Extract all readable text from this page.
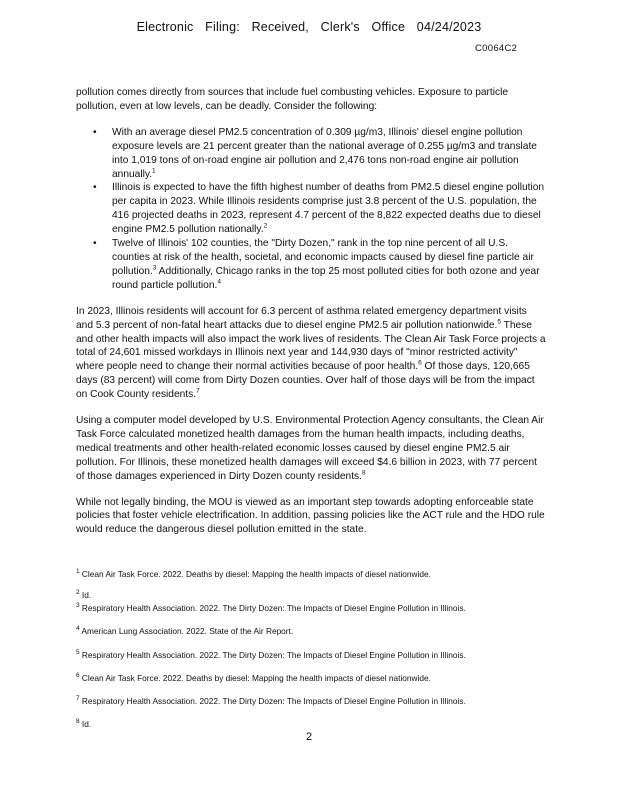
Electronic Filing: Received, Clerk's Office 04/24/2023
C0064C2

pollution comes directly from sources that include fuel combusting vehicles. Exposure to particle pollution, even at low levels, can be deadly. Consider the following:

• With an average diesel PM2.5 concentration of 0.309 µg/m3, Illinois' diesel engine pollution exposure levels are 21 percent greater than the national average of 0.255 µg/m3 and translate into 1,019 tons of on-road engine air pollution and 2,476 tons non-road engine air pollution annually.$^1$
• Illinois is expected to have the fifth highest number of deaths from PM2.5 diesel engine pollution per capita in 2023. While Illinois residents comprise just 3.8 percent of the U.S. population, the 416 projected deaths in 2023, represent 4.7 percent of the 8,822 expected deaths due to diesel engine PM2.5 pollution nationally.$^2$
• Twelve of Illinois' 102 counties, the "Dirty Dozen," rank in the top nine percent of all U.S. counties at risk of the health, societal, and economic impacts caused by diesel fine particle air pollution.$^3$ Additionally, Chicago ranks in the top 25 most polluted cities for both ozone and year round particle pollution.$^4$

In 2023, Illinois residents will account for 6.3 percent of asthma related emergency department visits and 5.3 percent of non-fatal heart attacks due to diesel engine PM2.5 air pollution nationwide.$^5$ These and other health impacts will also impact the work lives of residents. The Clean Air Task Force projects a total of 24,601 missed workdays in Illinois next year and 144,930 days of "minor restricted activity" where people need to change their normal activities because of poor health.$^6$ Of those days, 120,665 days (83 percent) will come from Dirty Dozen counties. Over half of those days will be from the impact on Cook County residents.$^7$

Using a computer model developed by U.S. Environmental Protection Agency consultants, the Clean Air Task Force calculated monetized health damages from the human health impacts, including deaths, medical treatments and other health-related economic losses caused by diesel engine PM2.5 air pollution. For Illinois, these monetized health damages will exceed $4.6 billion in 2023, with 77 percent of those damages experienced in Dirty Dozen county residents.$^8$

While not legally binding, the MOU is viewed as an important step towards adopting enforceable state policies that foster vehicle electrification. In addition, passing policies like the ACT rule and the HDO rule would reduce the dangerous diesel pollution emitted in the state.

$^1$ Clean Air Task Force. 2022. Deaths by diesel: Mapping the health impacts of diesel nationwide.
$^2$ Id.
$^3$ Respiratory Health Association. 2022. The Dirty Dozen: The Impacts of Diesel Engine Pollution in Illinois.
$^4$ American Lung Association. 2022. State of the Air Report.
$^5$ Respiratory Health Association. 2022. The Dirty Dozen: The Impacts of Diesel Engine Pollution in Illinois.
$^6$ Clean Air Task Force. 2022. Deaths by diesel: Mapping the health impacts of diesel nationwide.
$^7$ Respiratory Health Association. 2022. The Dirty Dozen: The Impacts of Diesel Engine Pollution in Illinois.
$^8$ Id.
2
